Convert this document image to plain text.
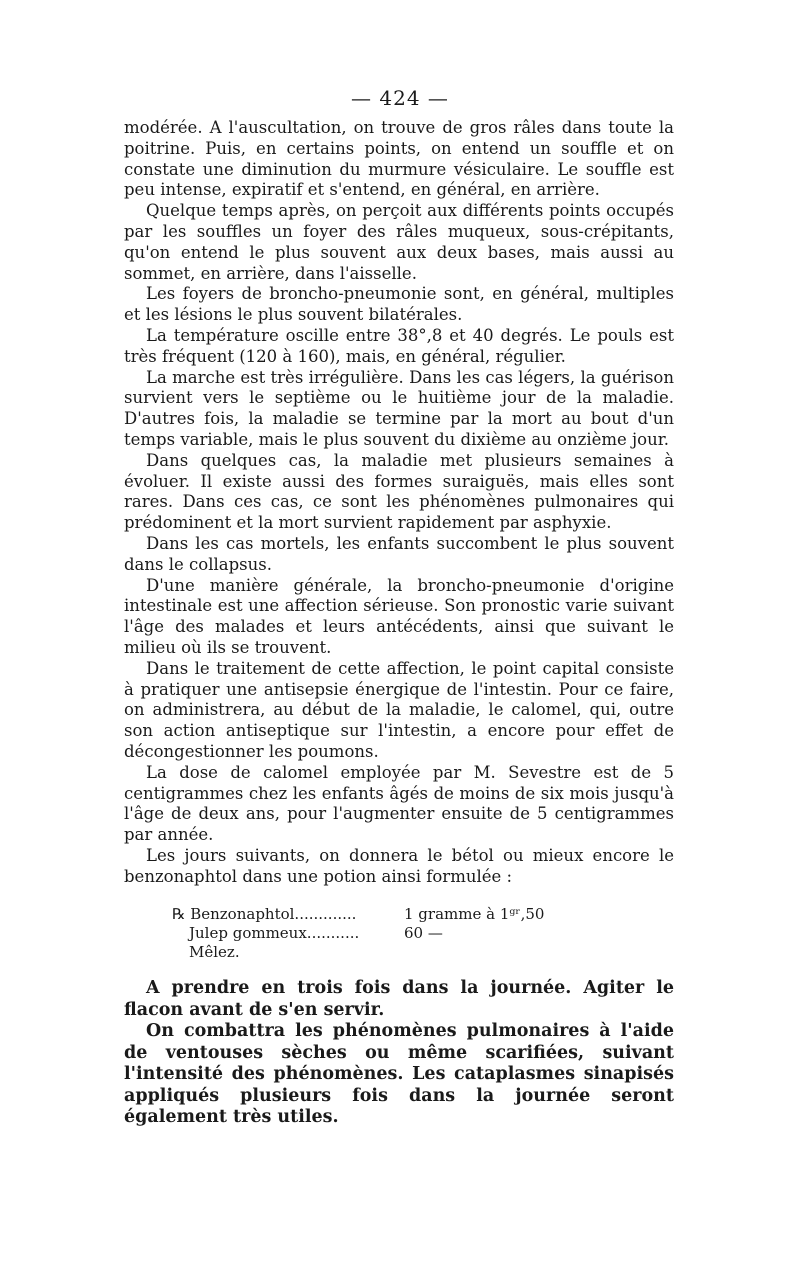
— 424 —

modérée. A l'auscultation, on trouve de gros râles dans toute la poitrine. Puis, en certains points, on entend un souffle et on constate une diminution du murmure vésiculaire. Le souffle est peu intense, expiratif et s'entend, en général, en arrière.

Quelque temps après, on perçoit aux différents points occupés par les souffles un foyer des râles muqueux, sous-crépitants, qu'on entend le plus souvent aux deux bases, mais aussi au sommet, en arrière, dans l'aisselle.

Les foyers de broncho-pneumonie sont, en général, multiples et les lésions le plus souvent bilatérales.

La température oscille entre 38°,8 et 40 degrés. Le pouls est très fréquent (120 à 160), mais, en général, régulier.

La marche est très irrégulière. Dans les cas légers, la guérison survient vers le septième ou le huitième jour de la maladie. D'autres fois, la maladie se termine par la mort au bout d'un temps variable, mais le plus souvent du dixième au onzième jour.

Dans quelques cas, la maladie met plusieurs semaines à évoluer. Il existe aussi des formes suraiguës, mais elles sont rares. Dans ces cas, ce sont les phénomènes pulmonaires qui prédominent et la mort survient rapidement par asphyxie.

Dans les cas mortels, les enfants succombent le plus souvent dans le collapsus.

D'une manière générale, la broncho-pneumonie d'origine intestinale est une affection sérieuse. Son pronostic varie suivant l'âge des malades et leurs antécédents, ainsi que suivant le milieu où ils se trouvent.

Dans le traitement de cette affection, le point capital consiste à pratiquer une antisepsie énergique de l'intestin. Pour ce faire, on administrera, au début de la maladie, le calomel, qui, outre son action antiseptique sur l'intestin, a encore pour effet de décongestionner les poumons.

La dose de calomel employée par M. Sevestre est de 5 centigrammes chez les enfants âgés de moins de six mois jusqu'à l'âge de deux ans, pour l'augmenter ensuite de 5 centigrammes par année.

Les jours suivants, on donnera le bétol ou mieux encore le benzonaphtol dans une potion ainsi formulée :

℞ Benzonaphtol.............	1 gramme à 1ᵍʳ,50
Julep gommeux...........	60 —
Mêlez.

A prendre en trois fois dans la journée. Agiter le flacon avant de s'en servir.

On combattra les phénomènes pulmonaires à l'aide de ventouses sèches ou même scarifiées, suivant l'intensité des phénomènes. Les cataplasmes sinapisés appliqués plusieurs fois dans la journée seront également très utiles.
